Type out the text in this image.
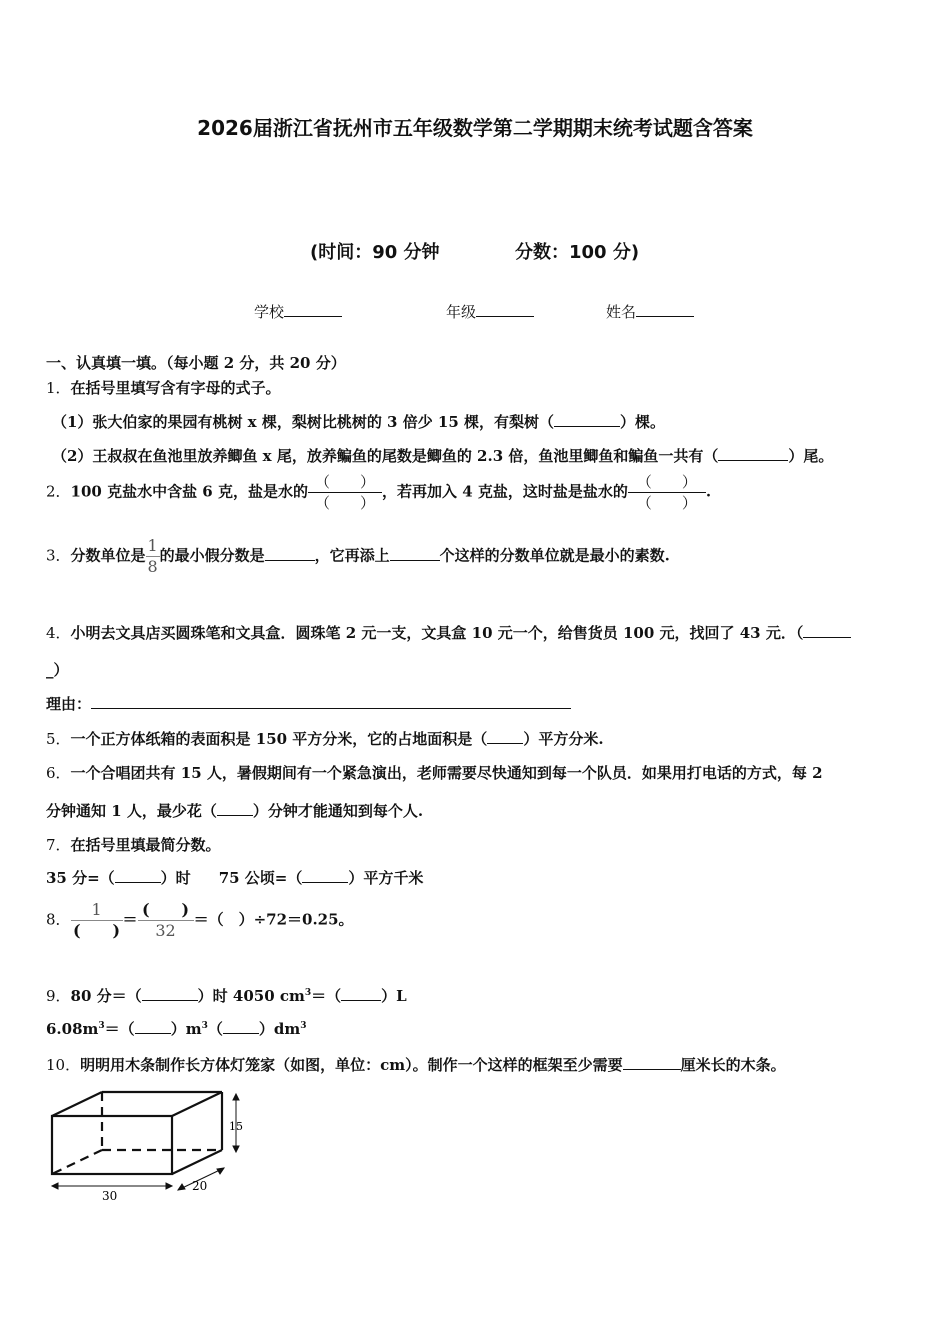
2026届浙江省抚州市五年级数学第二学期期末统考试题含答案
(时间：90 分钟	分数：100 分)
学校	年级	姓名
一、认真填一填。（每小题 2 分，共 20 分）
1．在括号里填写含有字母的式子。
（1）张大伯家的果园有桃树 x 棵，梨树比桃树的 3 倍少 15 棵，有梨树（	）棵。
（2）王叔叔在鱼池里放养鲫鱼 x 尾，放养鳊鱼的尾数是鲫鱼的 2.3 倍，鱼池里鲫鱼和鳊鱼一共有（	）尾。
2．100 克盐水中含盐 6 克，盐是水的 $\frac{( )}{( )}$ ，若再加入 4 克盐，这时盐是盐水的 $\frac{( )}{( )}$ .
3．分数单位是 $\frac{1}{8}$ 的最小假分数是	，它再添上	个这样的分数单位就是最小的素数.
4．小明去文具店买圆珠笔和文具盒．圆珠笔 2 元一支，文具盒 10 元一个，给售货员 100 元，找回了 43 元．（
_）
理由：
5．一个正方体纸箱的表面积是 150 平方分米，它的占地面积是（ ）平方分米.
6．一个合唱团共有 15 人，暑假期间有一个紧急演出，老师需要尽快通知到每一个队员．如果用打电话的方式，每 2
分钟通知 1 人，最少花（ ）分钟才能通知到每个人.
7．在括号里填最简分数。
35 分=（	）时 75 公顷=（	）平方千米
8． $\frac{1}{( )} = \frac{( )}{32}$ ＝（　）÷72＝0.25。
9．80 分＝（	）时 4050 $cm^3=$（	）L
$6.08m^3=$（ ）$m^3$（ ）$dm^3$
10．明明用木条制作长方体灯笼家（如图，单位：cm）。制作一个这样的框架至少需要	厘米长的木条。
30
20
15
